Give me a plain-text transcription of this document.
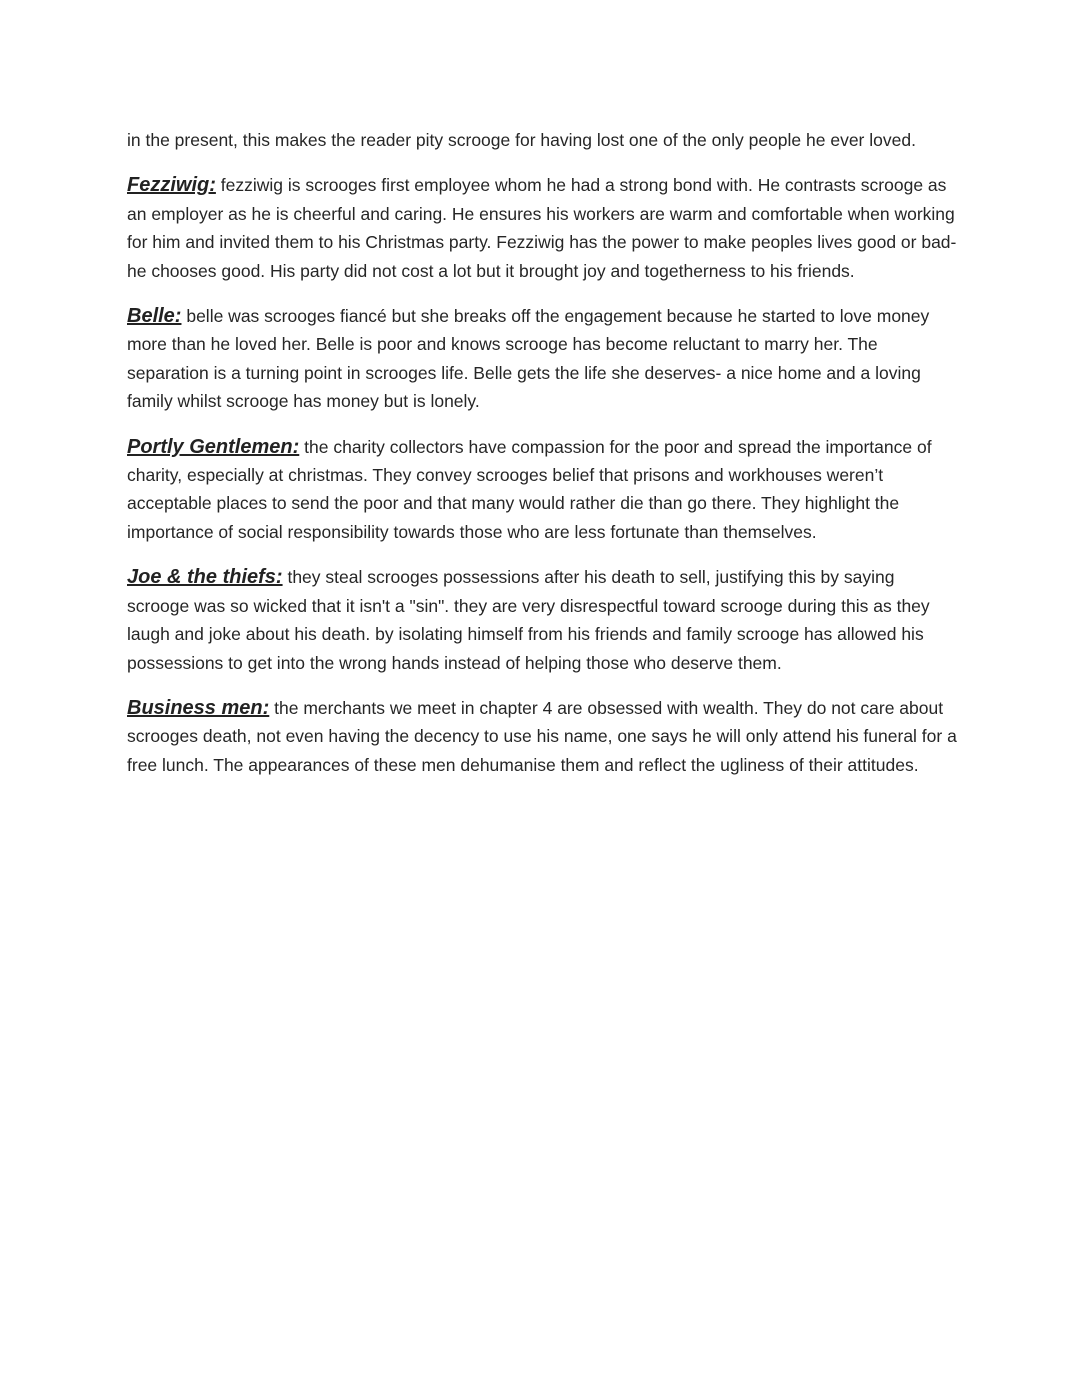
in the present, this makes the reader pity scrooge for having lost one of the only people he ever loved.

Fezziwig: fezziwig is scrooges first employee whom he had a strong bond with. He contrasts scrooge as an employer as he is cheerful and caring. He ensures his workers are warm and comfortable when working for him and invited them to his Christmas party. Fezziwig has the power to make peoples lives good or bad- he chooses good. His party did not cost a lot but it brought joy and togetherness to his friends.

Belle: belle was scrooges fiancé but she breaks off the engagement because he started to love money more than he loved her. Belle is poor and knows scrooge has become reluctant to marry her. The separation is a turning point in scrooges life. Belle gets the life she deserves- a nice home and a loving family whilst scrooge has money but is lonely.

Portly Gentlemen: the charity collectors have compassion for the poor and spread the importance of charity, especially at christmas. They convey scrooges belief that prisons and workhouses weren’t acceptable places to send the poor and that many would rather die than go there. They highlight the importance of social responsibility towards those who are less fortunate than themselves.

Joe & the thiefs: they steal scrooges possessions after his death to sell, justifying this by saying scrooge was so wicked that it isn't a "sin". they are very disrespectful toward scrooge during this as they laugh and joke about his death. by isolating himself from his friends and family scrooge has allowed his possessions to get into the wrong hands instead of helping those who deserve them.

Business men: the merchants we meet in chapter 4 are obsessed with wealth. They do not care about scrooges death, not even having the decency to use his name, one says he will only attend his funeral for a free lunch. The appearances of these men dehumanise them and reflect the ugliness of their attitudes.
